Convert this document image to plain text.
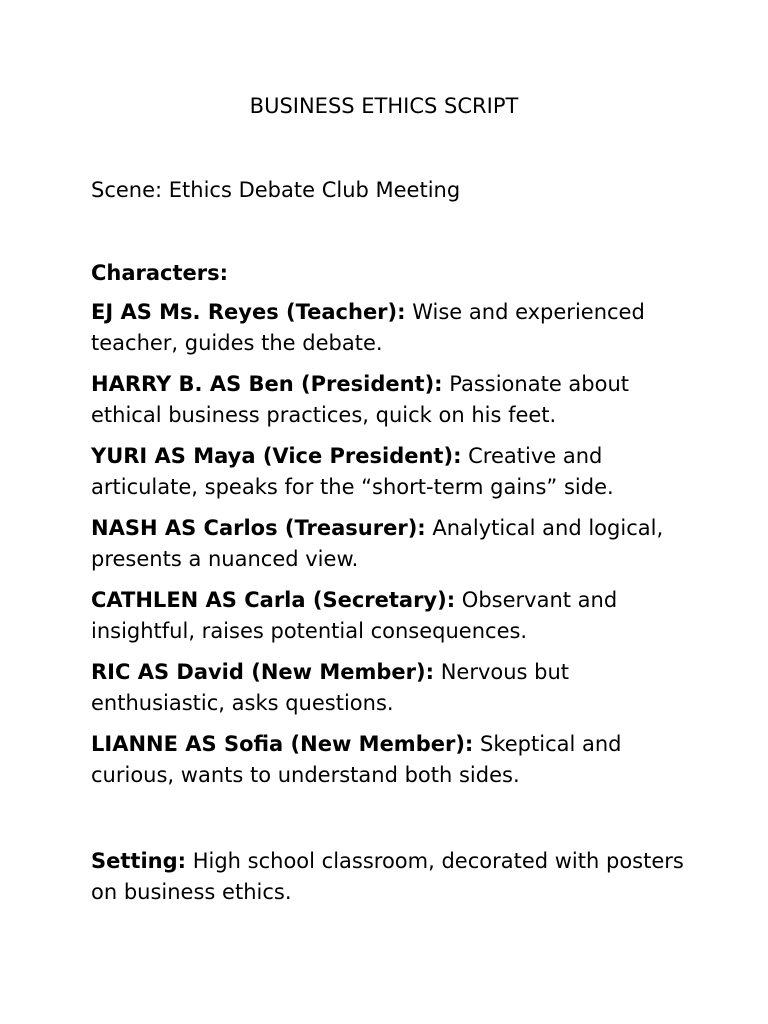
BUSINESS ETHICS SCRIPT
Scene: Ethics Debate Club Meeting
Characters:
EJ AS Ms. Reyes (Teacher): Wise and experienced teacher, guides the debate.
HARRY B. AS Ben (President): Passionate about ethical business practices, quick on his feet.
YURI AS Maya (Vice President): Creative and articulate, speaks for the “short-term gains” side.
NASH AS Carlos (Treasurer): Analytical and logical, presents a nuanced view.
CATHLEN AS Carla (Secretary): Observant and insightful, raises potential consequences.
RIC AS David (New Member): Nervous but enthusiastic, asks questions.
LIANNE AS Sofia (New Member): Skeptical and curious, wants to understand both sides.
Setting: High school classroom, decorated with posters on business ethics.
